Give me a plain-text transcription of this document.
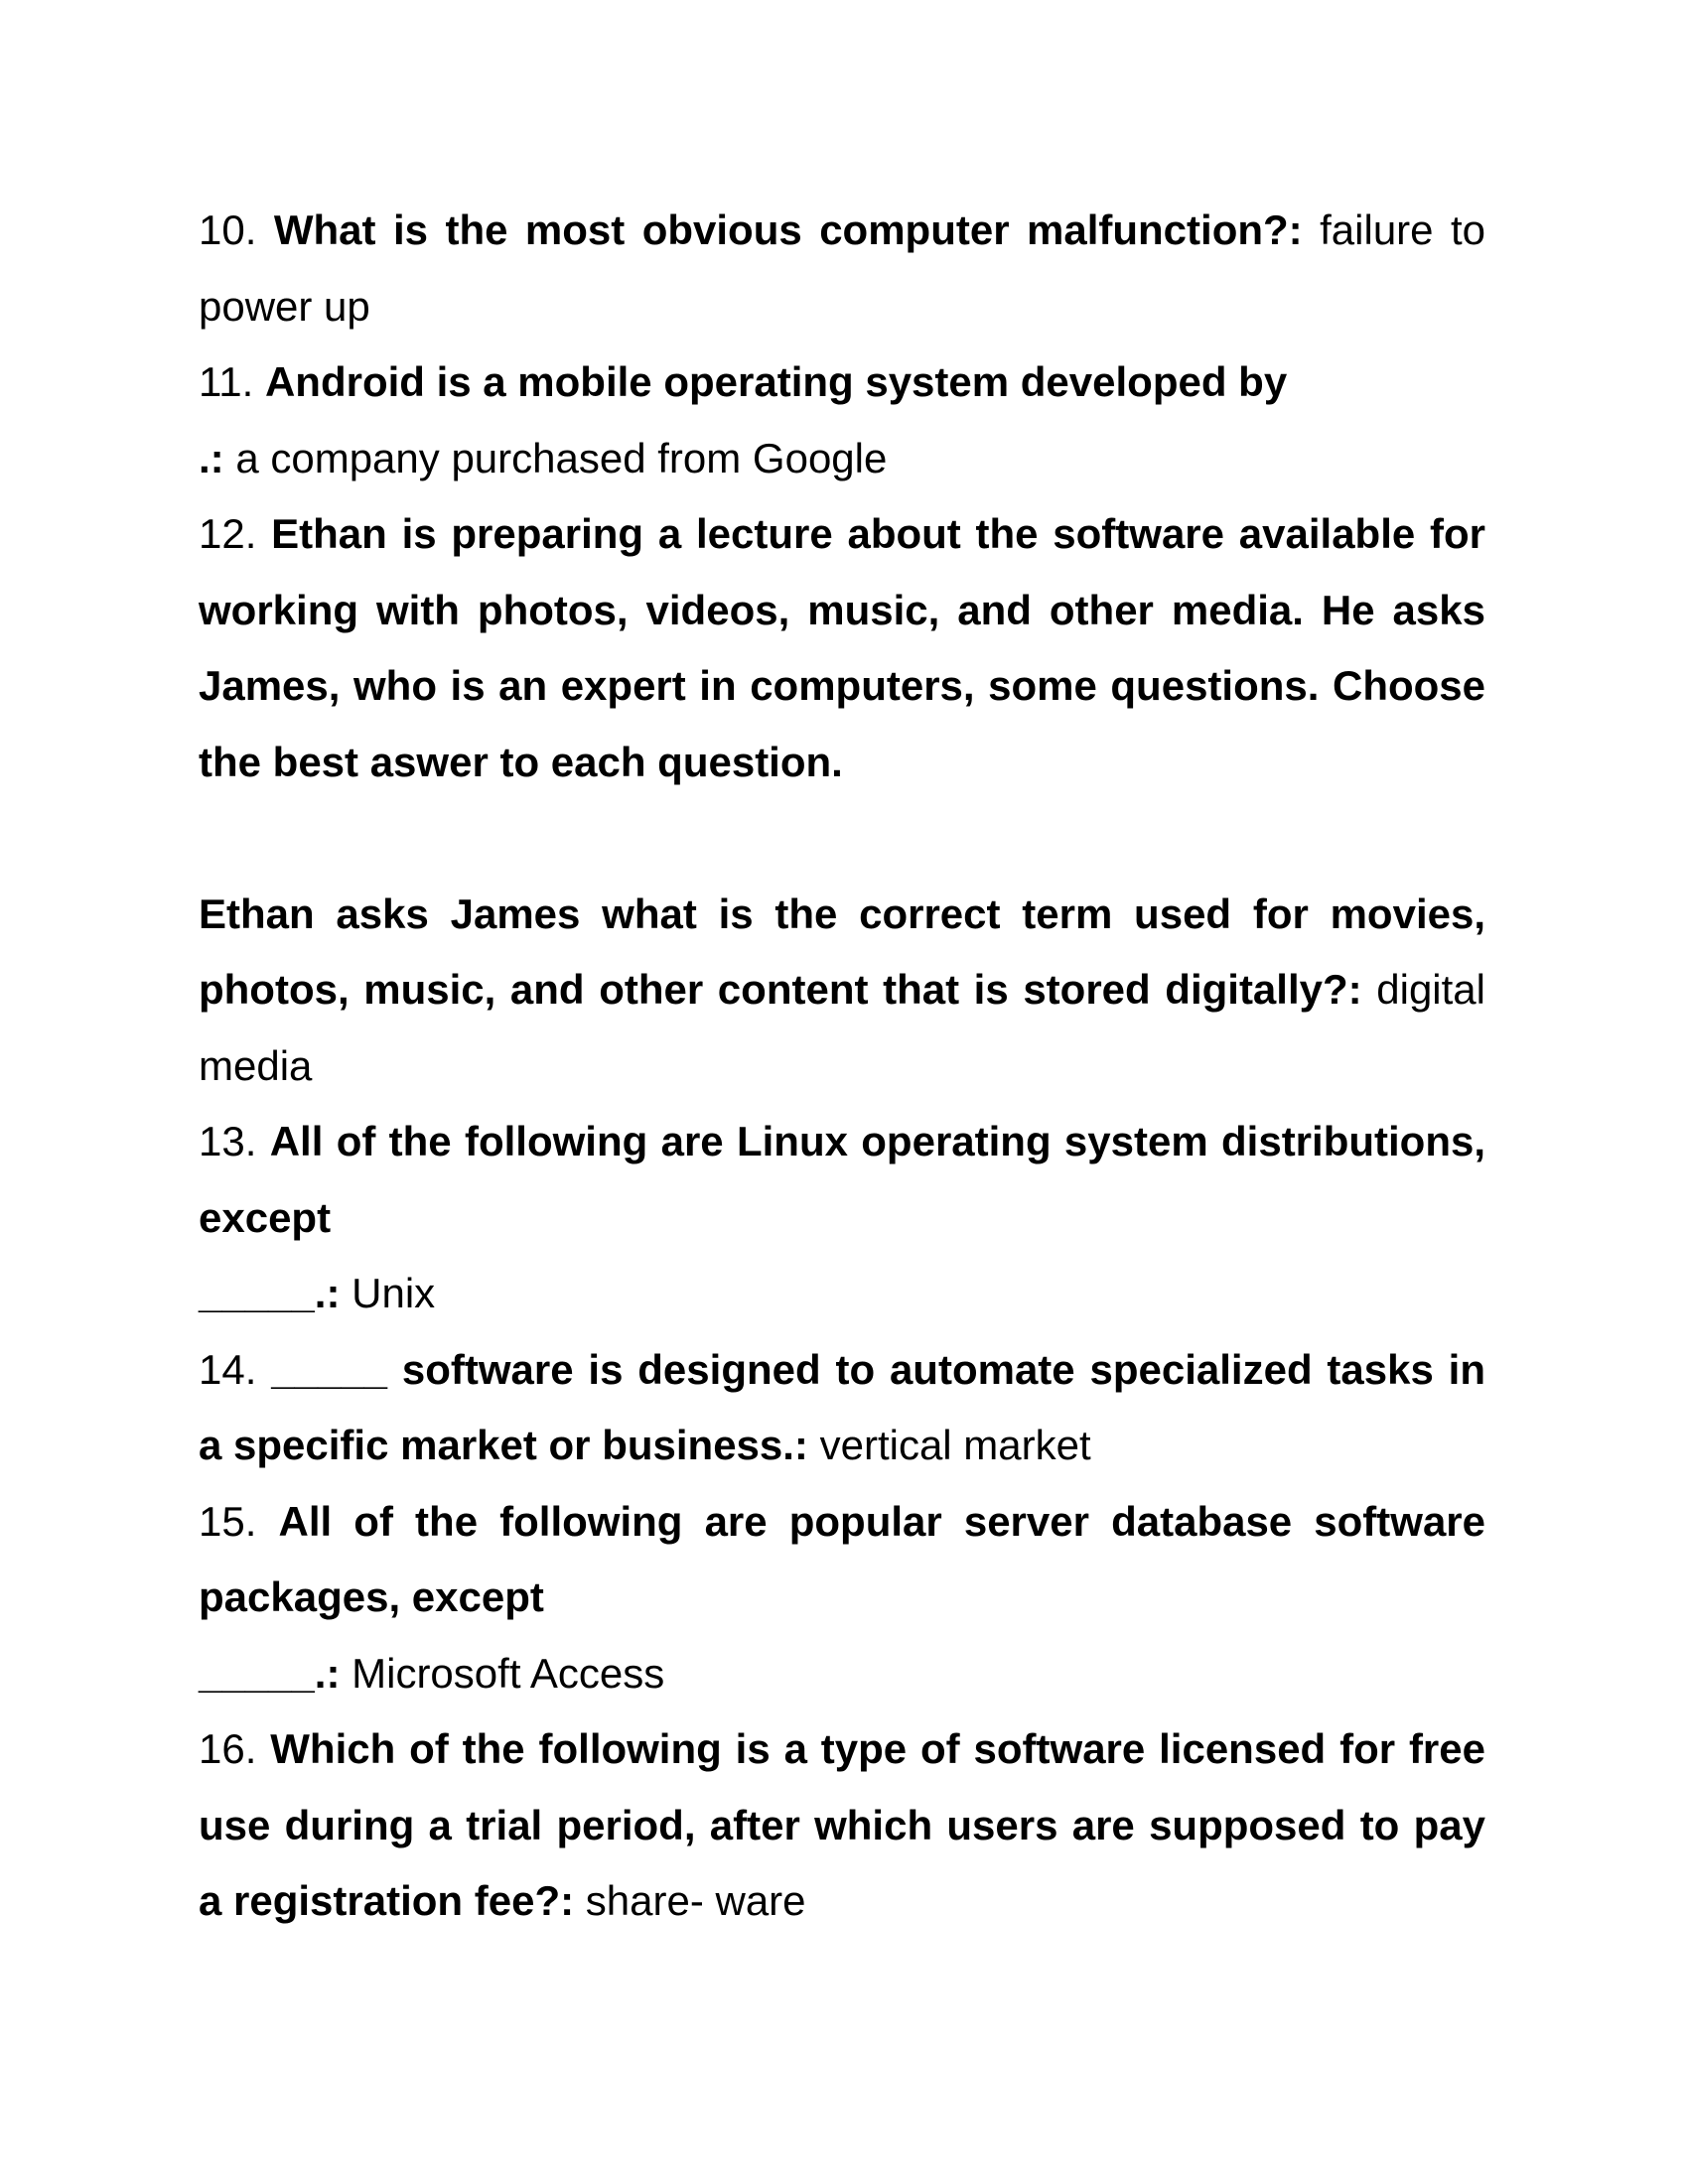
10. What is the most obvious computer malfunction?: failure to power up

11. Android is a mobile operating system developed by
.: a company purchased from Google

12. Ethan is preparing a lecture about the software available for working with photos, videos, music, and other media. He asks James, who is an expert in computers, some questions. Choose the best aswer to each question.

Ethan asks James what is the correct term used for movies, photos, music, and other content that is stored digitally?: digital media

13. All of the following are Linux operating system distributions, except
_____.: Unix

14. _____ software is designed to automate specialized tasks in a specific market or business.: vertical market

15. All of the following are popular server database software packages, except
_____.: Microsoft Access

16. Which of the following is a type of software licensed for free use during a trial period, after which users are supposed to pay a registration fee?: share- ware
